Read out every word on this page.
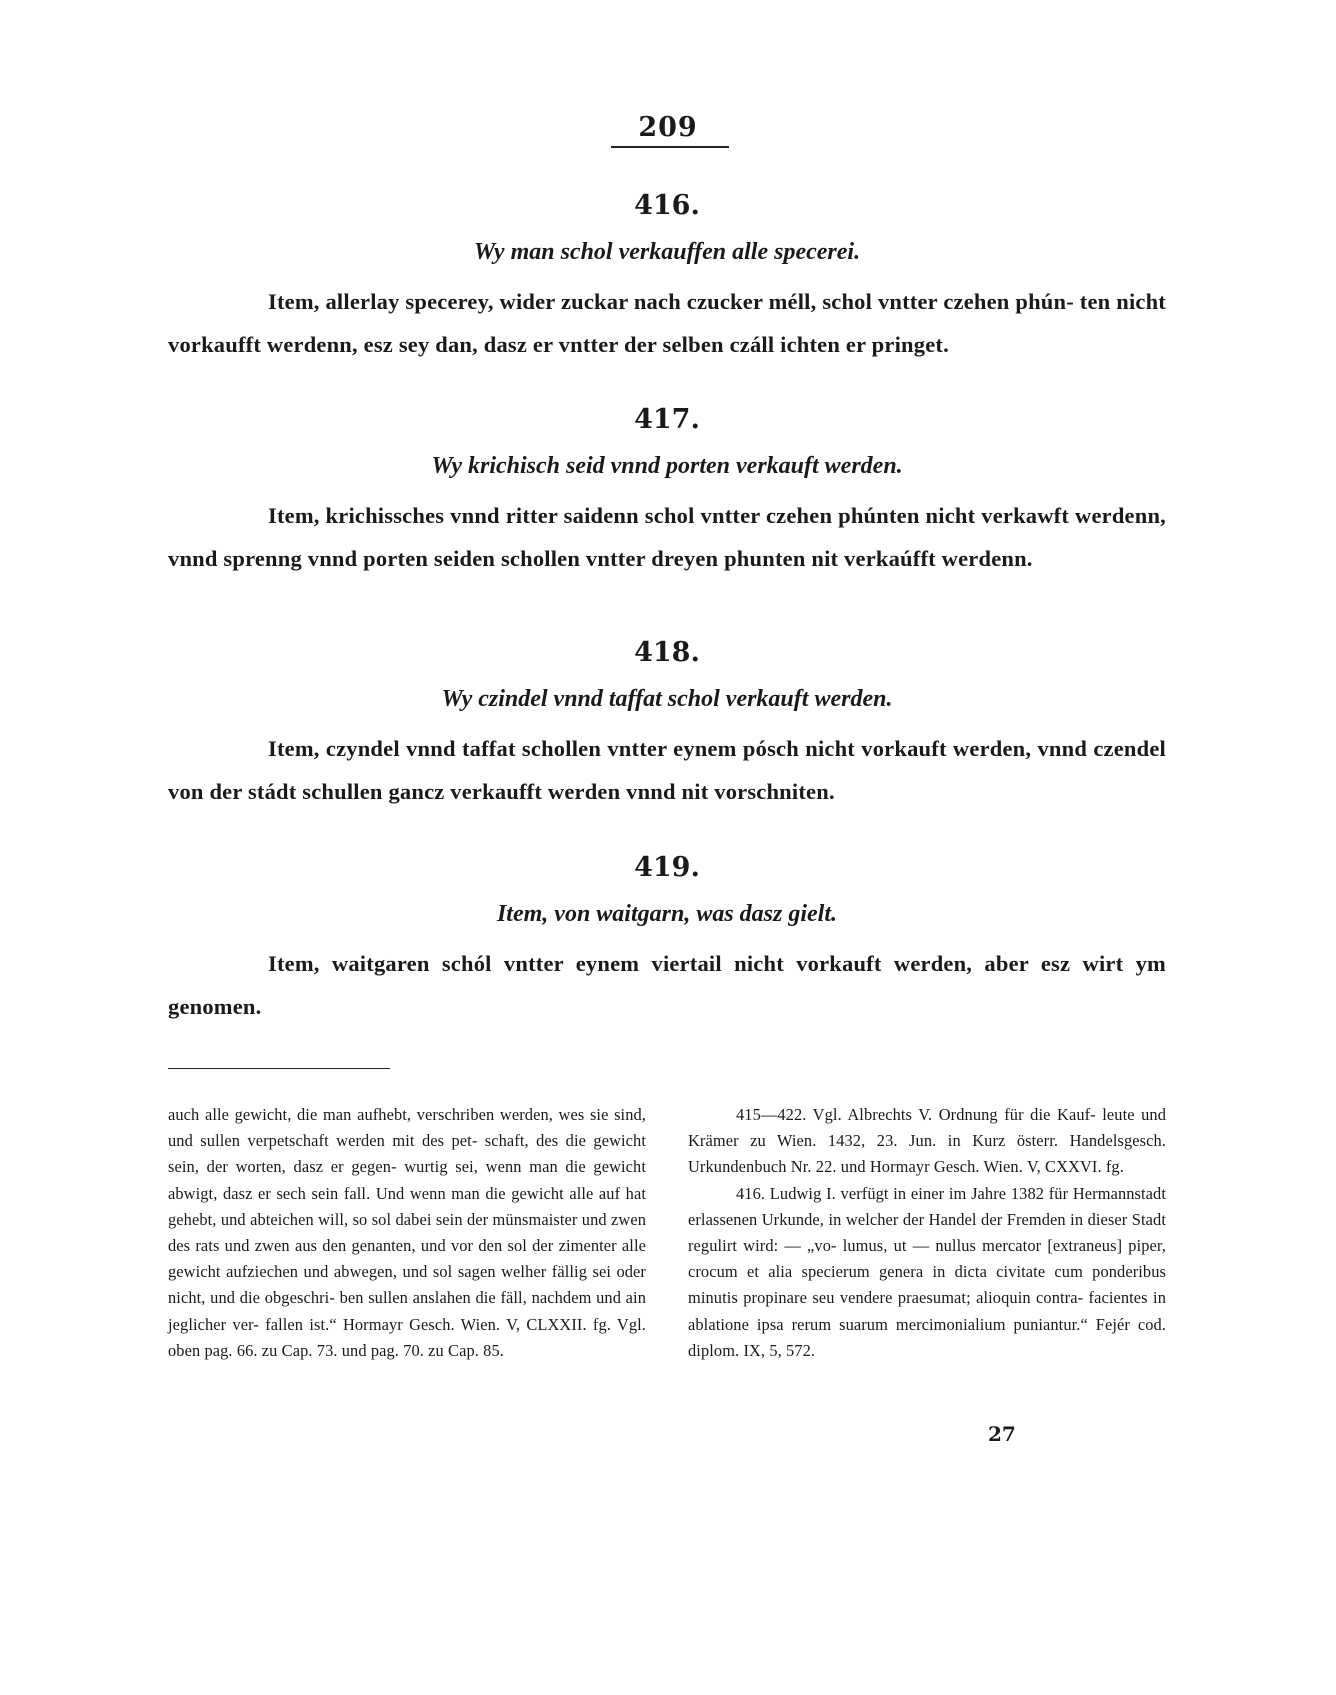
209
416.
Wy man schol verkauffen alle specerei.
Item, allerlay specerey, wider zuckar nach czucker méll, schol vntter czehen phún- ten nicht vorkaufft werdenn, esz sey dan, dasz er vntter der selben czáll ichten er pringet.
417.
Wy krichisch seid vnnd porten verkauft werden.
Item, krichissches vnnd ritter saidenn schol vntter czehen phúnten nicht verkawft werdenn, vnnd sprenng vnnd porten seiden schollen vntter dreyen phunten nit verkaúfft werdenn.
418.
Wy czindel vnnd taffat schol verkauft werden.
Item, czyndel vnnd taffat schollen vntter eynem pósch nicht vorkauft werden, vnnd czendel von der stádt schullen gancz verkaufft werden vnnd nit vorschniten.
419.
Item, von waitgarn, was dasz gielt.
Item, waitgaren schól vntter eynem viertail nicht vorkauft werden, aber esz wirt ym genomen.

auch alle gewicht, die man aufhebt, verschriben werden, wes sie sind, und sullen verpetschaft werden mit des pet- schaft, des die gewicht sein, der worten, dasz er gegen- wurtig sei, wenn man die gewicht abwigt, dasz er sech sein fall. Und wenn man die gewicht alle auf hat gehebt, und abteichen will, so sol dabei sein der münsmaister und zwen des rats und zwen aus den genanten, und vor den sol der zimenter alle gewicht aufziechen und abwegen, und sol sagen welher fällig sei oder nicht, und die obgeschri- ben sullen anslahen die fäll, nachdem und ain jeglicher ver- fallen ist.“ Hormayr Gesch. Wien. V, CLXXII. fg. Vgl. oben pag. 66. zu Cap. 73. und pag. 70. zu Cap. 85.

415—422. Vgl. Albrechts V. Ordnung für die Kauf- leute und Krämer zu Wien. 1432, 23. Jun. in Kurz österr. Handelsgesch. Urkundenbuch Nr. 22. und Hormayr Gesch. Wien. V, CXXVI. fg.

416. Ludwig I. verfügt in einer im Jahre 1382 für Hermannstadt erlassenen Urkunde, in welcher der Handel der Fremden in dieser Stadt regulirt wird: — „vo- lumus, ut — nullus mercator [extraneus] piper, crocum et alia specierum genera in dicta civitate cum ponderibus minutis propinare seu vendere praesumat; alioquin contra- facientes in ablatione ipsa rerum suarum mercimonialium puniantur.“ Fejér cod. diplom. IX, 5, 572.

27
